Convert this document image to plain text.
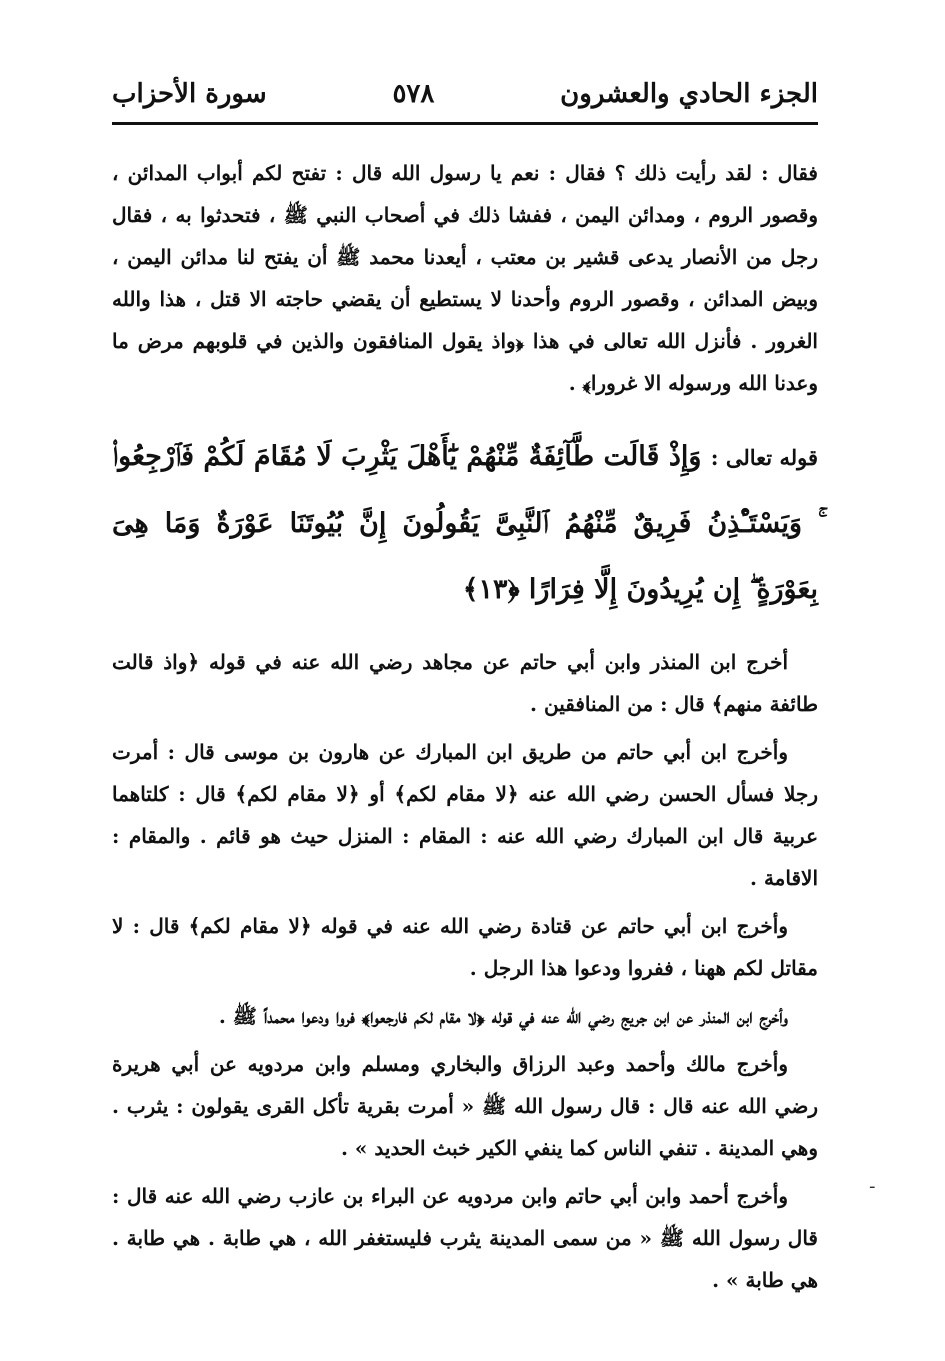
الجزء الحادي والعشرون
٥٧٨
سورة الأحزاب

فقال : لقد رأيت ذلك ؟ فقال : نعم يا رسول الله قال : تفتح لكم أبواب المدائن ، وقصور الروم ، ومدائن اليمن ، ففشا ذلك في أصحاب النبي ﷺ ، فتحدثوا به ، فقال رجل من الأنصار يدعى قشير بن معتب ، أيعدنا محمد ﷺ أن يفتح لنا مدائن اليمن ، وبيض المدائن ، وقصور الروم وأحدنا لا يستطيع أن يقضي حاجته الا قتل ، هذا والله الغرور . فأنزل الله تعالى في هذا ﴿واذ يقول المنافقون والذين في قلوبهم مرض ما وعدنا الله ورسوله الا غرورا﴾ .

قوله تعالى : وَإِذْ قَالَت طَّآئِفَةٌ مِّنْهُمْ يَٰٓأَهْلَ يَثْرِبَ لَا مُقَامَ لَكُمْ فَٱرْجِعُوا۟ ۚ وَيَسْتَـْٔذِنُ فَرِيقٌ مِّنْهُمُ ٱلنَّبِىَّ يَقُولُونَ إِنَّ بُيُوتَنَا عَوْرَةٌ وَمَا هِىَ بِعَوْرَةٍ ۖ إِن يُرِيدُونَ إِلَّا فِرَارًا ﴿١٣﴾

أخرج ابن المنذر وابن أبي حاتم عن مجاهد رضي الله عنه في قوله ﴿واذ قالت طائفة منهم﴾ قال : من المنافقين .

وأخرج ابن أبي حاتم من طريق ابن المبارك عن هارون بن موسى قال : أمرت رجلا فسأل الحسن رضي الله عنه ﴿لا مقام لكم﴾ أو ﴿لا مقام لكم﴾ قال : كلتاهما عربية قال ابن المبارك رضي الله عنه : المقام : المنزل حيث هو قائم . والمقام : الاقامة .

وأخرج ابن أبي حاتم عن قتادة رضي الله عنه في قوله ﴿لا مقام لكم﴾ قال : لا مقاتل لكم ههنا ، ففروا ودعوا هذا الرجل .

وأخرج ابن المنذر عن ابن جريج رضي الله عنه في قوله ﴿لا مقام لكم فارجعوا﴾ فروا ودعوا محمداً ﷺ .

وأخرج مالك وأحمد وعبد الرزاق والبخاري ومسلم وابن مردويه عن أبي هريرة رضي الله عنه قال : قال رسول الله ﷺ « أمرت بقرية تأكل القرى يقولون : يثرب . وهي المدينة . تنفي الناس كما ينفي الكير خبث الحديد » .

وأخرج أحمد وابن أبي حاتم وابن مردويه عن البراء بن عازب رضي الله عنه قال : قال رسول الله ﷺ « من سمى المدينة يثرب فليستغفر الله ، هي طابة . هي طابة . هي طابة » .

-
